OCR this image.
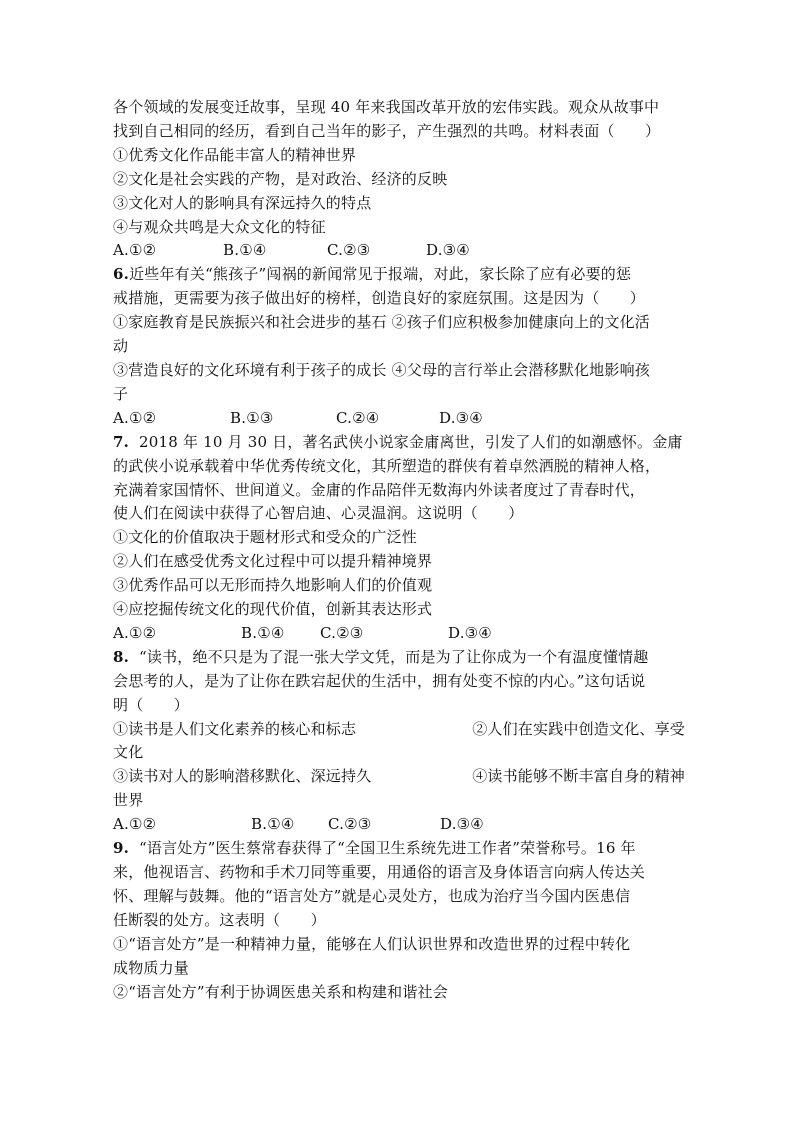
各个领域的发展变迁故事，呈现 40 年来我国改革开放的宏伟实践。观众从故事中
找到自己相同的经历，看到自己当年的影子，产生强烈的共鸣。材料表面（　　）
①优秀文化作品能丰富人的精神世界
②文化是社会实践的产物，是对政治、经济的反映
③文化对人的影响具有深远持久的特点
④与观众共鸣是大众文化的特征
A.①②	B.①④	C.②③	D.③④
6.近些年有关“熊孩子”闯祸的新闻常见于报端，对此，家长除了应有必要的惩
戒措施，更需要为孩子做出好的榜样，创造良好的家庭氛围。这是因为（　　）
①家庭教育是民族振兴和社会进步的基石 ②孩子们应积极参加健康向上的文化活
动
③营造良好的文化环境有利于孩子的成长 ④父母的言行举止会潜移默化地影响孩
子
A.①②	B.①③	C.②④	D.③④
7. 2018 年 10 月 30 日，著名武侠小说家金庸离世，引发了人们的如潮感怀。金庸
的武侠小说承载着中华优秀传统文化，其所塑造的群侠有着卓然洒脱的精神人格，
充满着家国情怀、世间道义。金庸的作品陪伴无数海内外读者度过了青春时代，
使人们在阅读中获得了心智启迪、心灵温润。这说明（　　）
①文化的价值取决于题材形式和受众的广泛性
②人们在感受优秀文化过程中可以提升精神境界
③优秀作品可以无形而持久地影响人们的价值观
④应挖掘传统文化的现代价值，创新其表达形式
A.①②	B.①④	C.②③	D.③④
8. “读书，绝不只是为了混一张大学文凭，而是为了让你成为一个有温度懂情趣
会思考的人，是为了让你在跌宕起伏的生活中，拥有处变不惊的内心。”这句话说
明（　　）
①读书是人们文化素养的核心和标志	②人们在实践中创造文化、享受
文化
③读书对人的影响潜移默化、深远持久	④读书能够不断丰富自身的精神
世界
A.①②	B.①④	C.②③	D.③④
9. “语言处方”医生蔡常春获得了“全国卫生系统先进工作者”荣誉称号。16 年
来，他视语言、药物和手术刀同等重要，用通俗的语言及身体语言向病人传达关
怀、理解与鼓舞。他的“语言处方”就是心灵处方，也成为治疗当今国内医患信
任断裂的处方。这表明（　　）
①“语言处方”是一种精神力量，能够在人们认识世界和改造世界的过程中转化
成物质力量
②“语言处方”有利于协调医患关系和构建和谐社会
